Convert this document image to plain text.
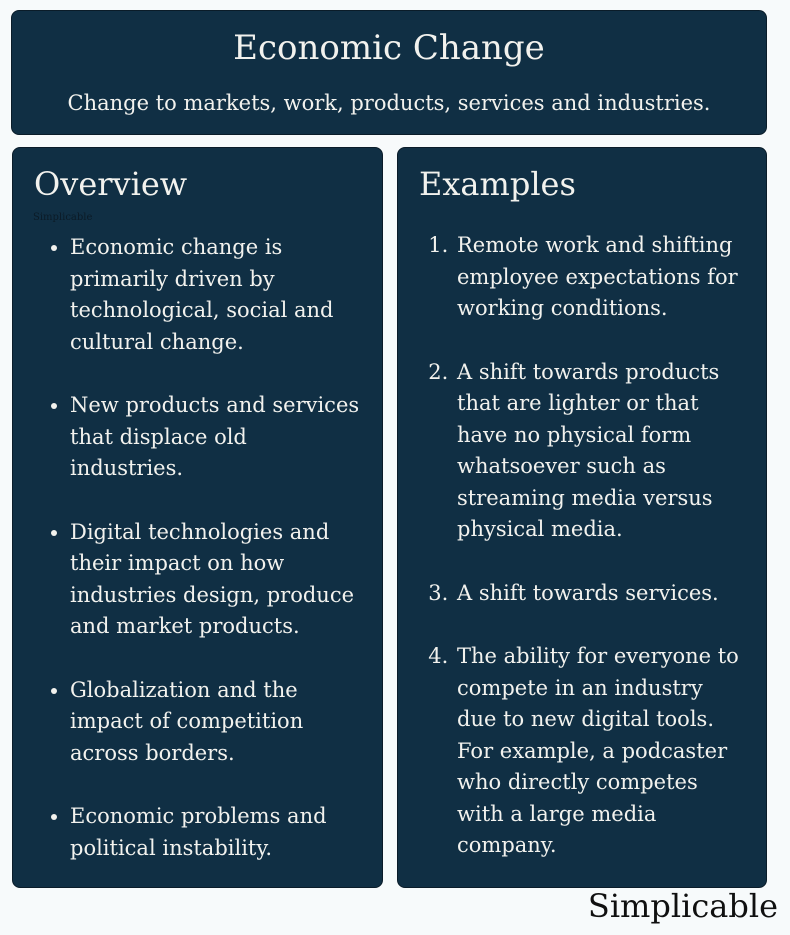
Economic Change
Change to markets, work, products, services and industries.
Overview
Simplicable
• Economic change is primarily driven by technological, social and cultural change.
• New products and services that displace old industries.
• Digital technologies and their impact on how industries design, produce and market products.
• Globalization and the impact of competition across borders.
• Economic problems and political instability.
Examples
1. Remote work and shifting employee expectations for working conditions.
2. A shift towards products that are lighter or that have no physical form whatsoever such as streaming media versus physical media.
3. A shift towards services.
4. The ability for everyone to compete in an industry due to new digital tools. For example, a podcaster who directly competes with a large media company.
Simplicable
